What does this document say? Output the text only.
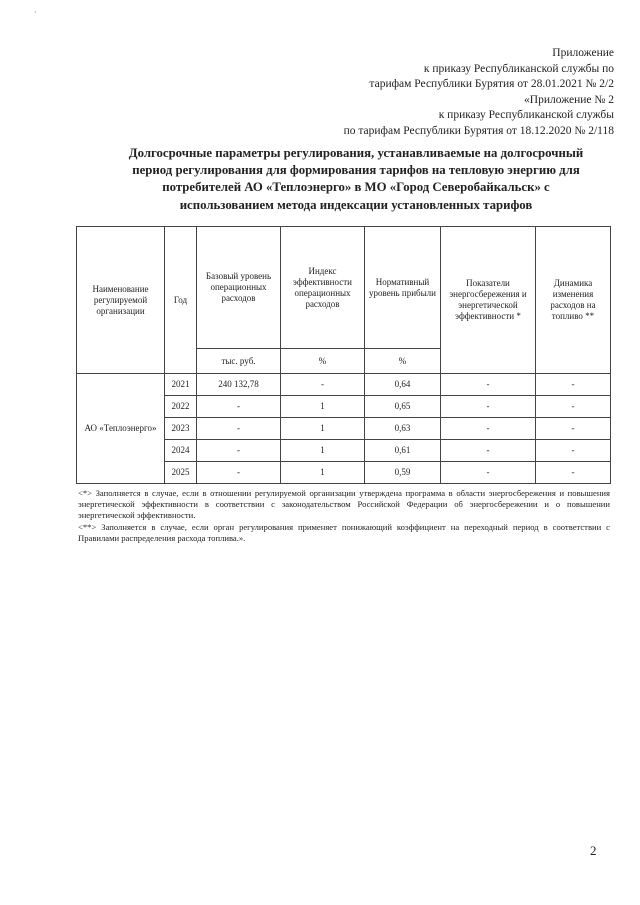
`
Приложение
к приказу Республиканской службы по
тарифам Республики Бурятия от 28.01.2021 № 2/2
«Приложение № 2
к приказу Республиканской службы
по тарифам Республики Бурятия от 18.12.2020 № 2/118
Долгосрочные параметры регулирования, устанавливаемые на долгосрочный
период регулирования для формирования тарифов на тепловую энергию для
потребителей АО «Теплоэнерго» в МО «Город Северобайкальск» с
использованием метода индексации установленных тарифов
Наименование регулируемой организации	Год	Базовый уровень операционных расходов	Индекс эффективности операционных расходов	Нормативный уровень прибыли	Показатели энергосбережения и энергетической эффективности *	Динамика изменения расходов на топливо **
		тыс. руб.	%	%		
АО «Теплоэнерго»	2021	240 132,78	-	0,64	-	-
	2022	-	1	0,65	-	-
	2023	-	1	0,63	-	-
	2024	-	1	0,61	-	-
	2025	-	1	0,59	-	-

<*> Заполняется в случае, если в отношении регулируемой организации утверждена программа в области энергосбережения и повышения энергетической эффективности в соответствии с законодательством Российской Федерации об энергосбережении и о повышении энергетической эффективности.

<**> Заполняется в случае, если орган регулирования применяет понижающий коэффициент на переходный период в соответствии с Правилами распределения расхода топлива.».

2
